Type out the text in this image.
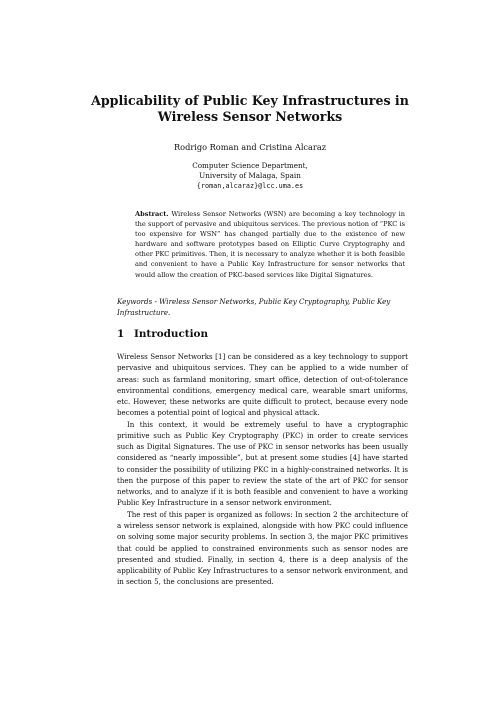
Applicability of Public Key Infrastructures in Wireless Sensor Networks
Rodrigo Roman and Cristina Alcaraz
Computer Science Department,
University of Malaga, Spain
{roman,alcaraz}@lcc.uma.es
Abstract. Wireless Sensor Networks (WSN) are becoming a key technology in the support of pervasive and ubiquitous services. The previous notion of “PKC is too expensive for WSN” has changed partially due to the existence of new hardware and software prototypes based on Elliptic Curve Cryptography and other PKC primitives. Then, it is necessary to analyze whether it is both feasible and convenient to have a Public Key Infrastructure for sensor networks that would allow the creation of PKC-based services like Digital Signatures.
Keywords - Wireless Sensor Networks, Public Key Cryptography, Public Key Infrastructure.
1 Introduction

Wireless Sensor Networks [1] can be considered as a key technology to support pervasive and ubiquitous services. They can be applied to a wide number of areas: such as farmland monitoring, smart office, detection of out-of-tolerance environmental conditions, emergency medical care, wearable smart uniforms, etc. However, these networks are quite difficult to protect, because every node becomes a potential point of logical and physical attack.

In this context, it would be extremely useful to have a cryptographic primitive such as Public Key Cryptography (PKC) in order to create services such as Digital Signatures. The use of PKC in sensor networks has been usually considered as “nearly impossible”, but at present some studies [4] have started to consider the possibility of utilizing PKC in a highly-constrained networks. It is then the purpose of this paper to review the state of the art of PKC for sensor networks, and to analyze if it is both feasible and convenient to have a working Public Key Infrastructure in a sensor network environment.

The rest of this paper is organized as follows: In section 2 the architecture of a wireless sensor network is explained, alongside with how PKC could influence on solving some major security problems. In section 3, the major PKC primitives that could be applied to constrained environments such as sensor nodes are presented and studied. Finally, in section 4, there is a deep analysis of the applicability of Public Key Infrastructures to a sensor network environment, and in section 5, the conclusions are presented.
